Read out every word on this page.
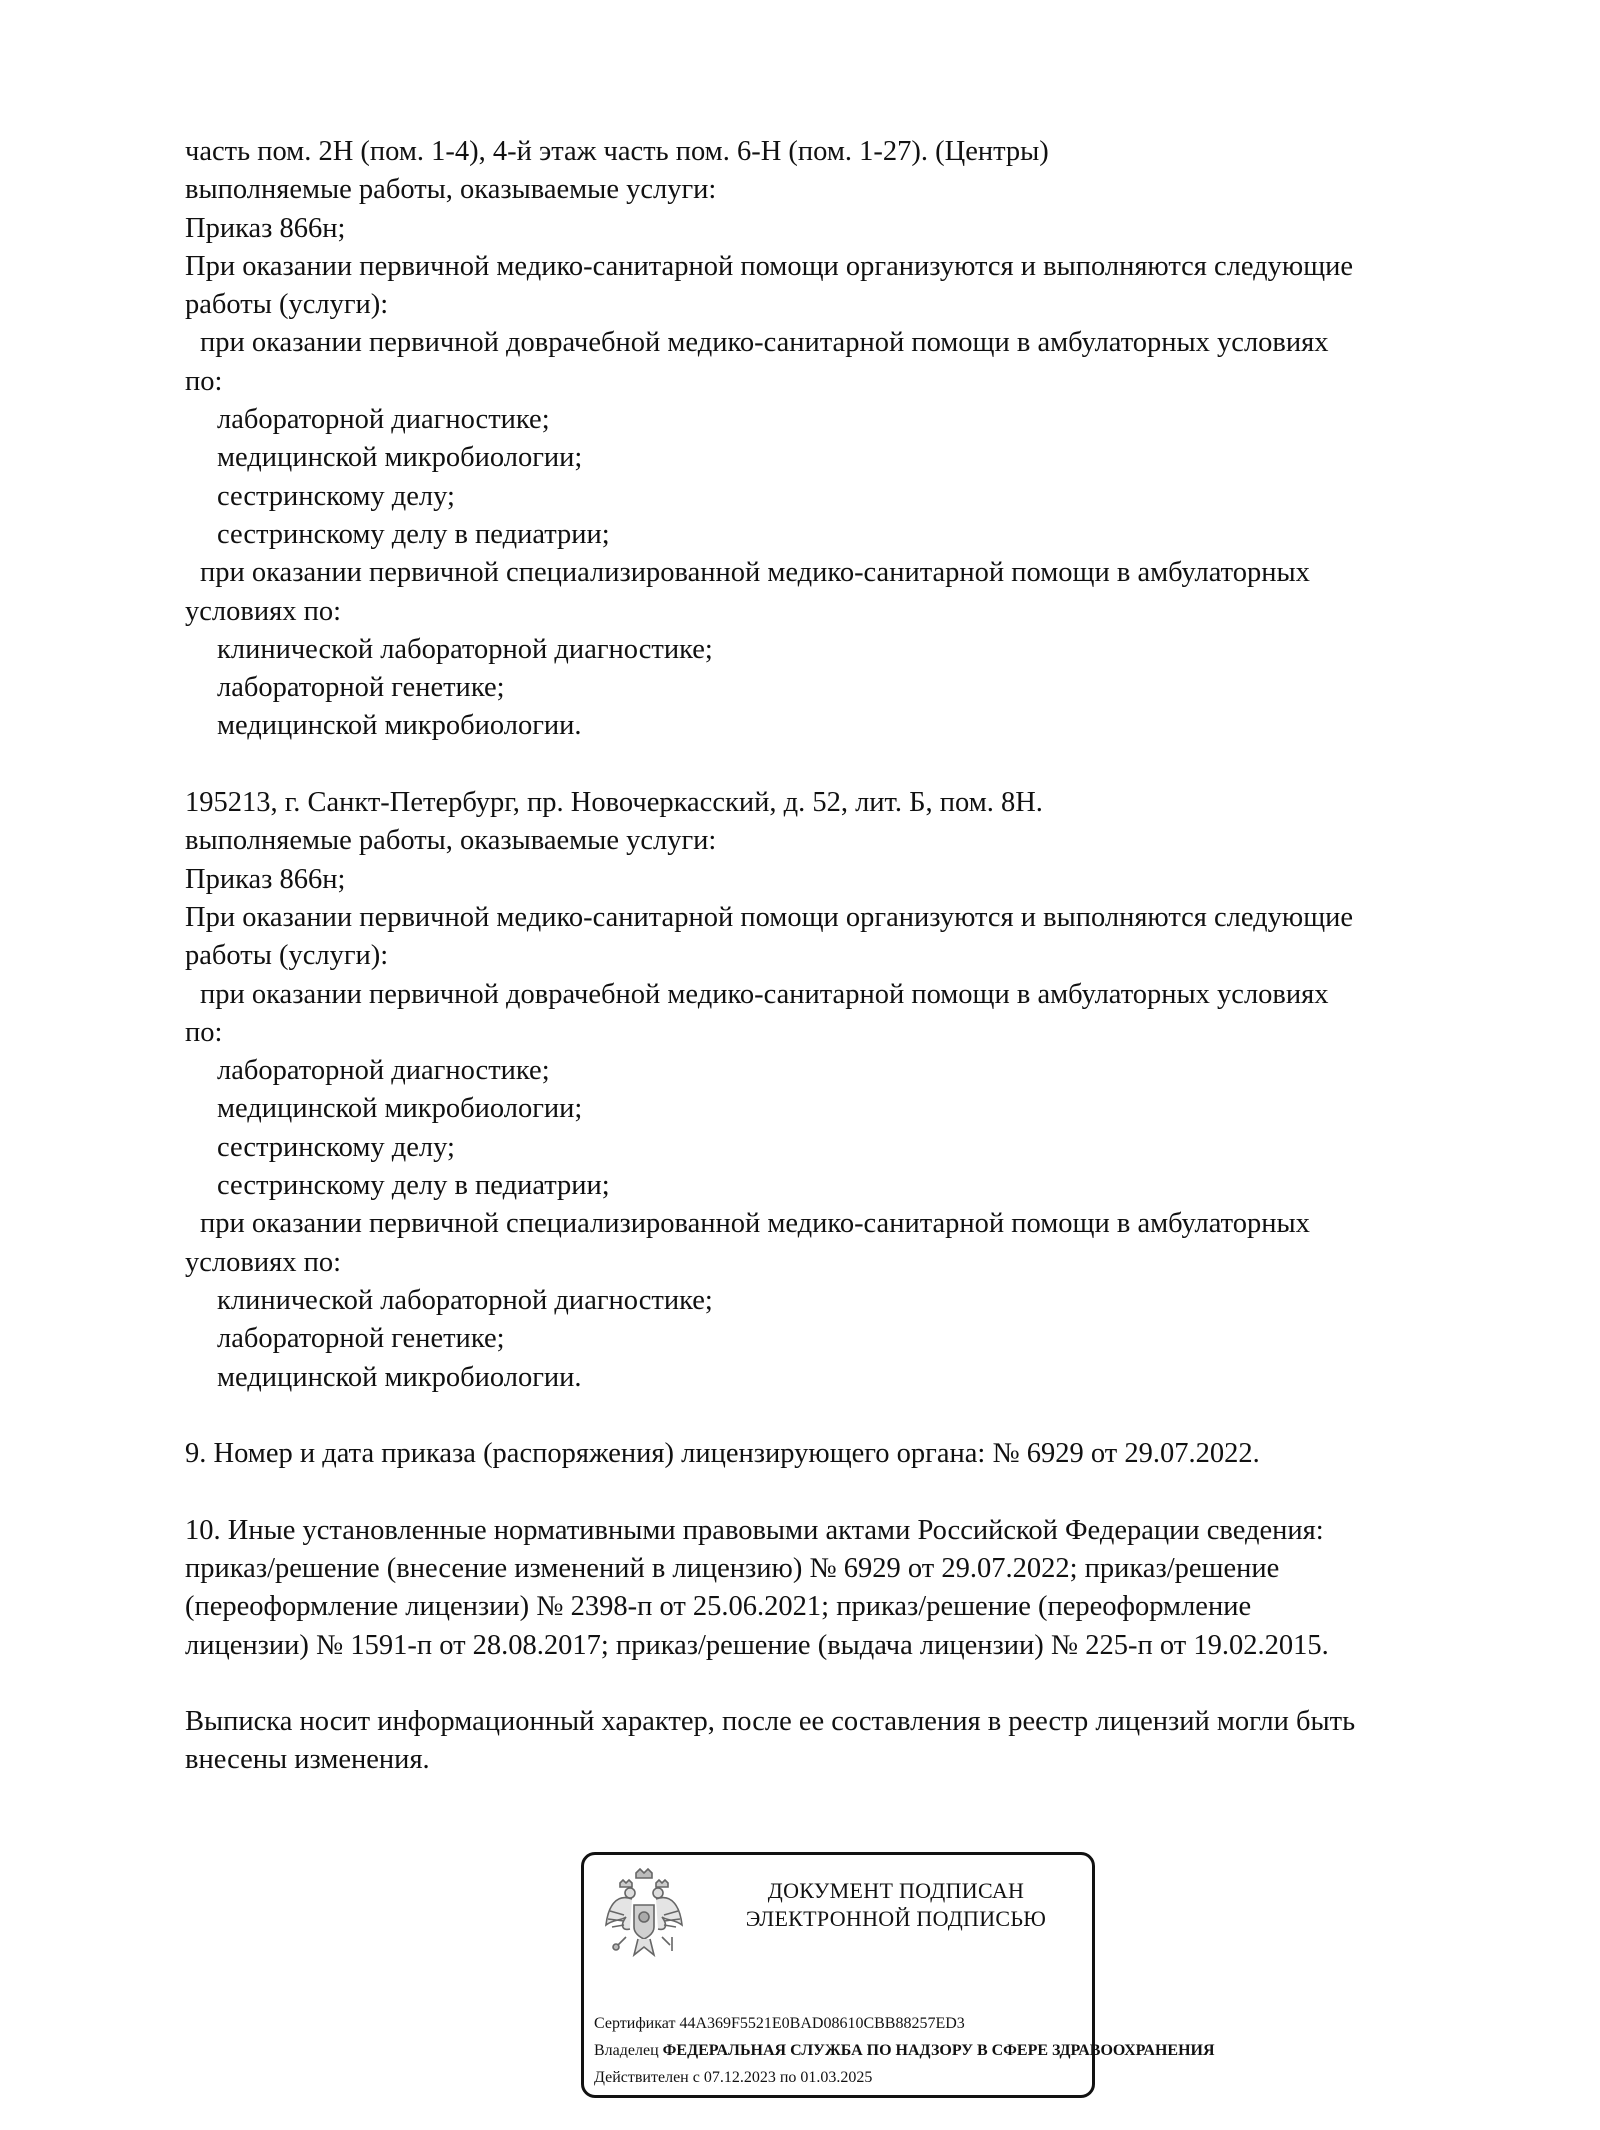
часть пом. 2Н (пом. 1-4), 4-й этаж часть пом. 6-Н (пом. 1-27). (Центры)
выполняемые работы, оказываемые услуги:
Приказ 866н;
При оказании первичной медико-санитарной помощи организуются и выполняются следующие
работы (услуги):
при оказании первичной доврачебной медико-санитарной помощи в амбулаторных условиях
по:
лабораторной диагностике;
медицинской микробиологии;
сестринскому делу;
сестринскому делу в педиатрии;
при оказании первичной специализированной медико-санитарной помощи в амбулаторных
условиях по:
клинической лабораторной диагностике;
лабораторной генетике;
медицинской микробиологии.
195213, г. Санкт-Петербург, пр. Новочеркасский, д. 52, лит. Б, пом. 8Н.
выполняемые работы, оказываемые услуги:
Приказ 866н;
При оказании первичной медико-санитарной помощи организуются и выполняются следующие
работы (услуги):
при оказании первичной доврачебной медико-санитарной помощи в амбулаторных условиях
по:
лабораторной диагностике;
медицинской микробиологии;
сестринскому делу;
сестринскому делу в педиатрии;
при оказании первичной специализированной медико-санитарной помощи в амбулаторных
условиях по:
клинической лабораторной диагностике;
лабораторной генетике;
медицинской микробиологии.
9. Номер и дата приказа (распоряжения) лицензирующего органа: № 6929 от 29.07.2022.
10. Иные установленные нормативными правовыми актами Российской Федерации сведения:
приказ/решение (внесение изменений в лицензию) № 6929 от 29.07.2022; приказ/решение
(переоформление лицензии) № 2398-п от 25.06.2021; приказ/решение (переоформление
лицензии) № 1591-п от 28.08.2017; приказ/решение (выдача лицензии) № 225-п от 19.02.2015.
Выписка носит информационный характер, после ее составления в реестр лицензий могли быть
внесены изменения.
ДОКУМЕНТ ПОДПИСАН
ЭЛЕКТРОННОЙ ПОДПИСЬЮ
Сертификат 44A369F5521E0BAD08610CBB88257ED3
Владелец ФЕДЕРАЛЬНАЯ СЛУЖБА ПО НАДЗОРУ В СФЕРЕ ЗДРАВООХРАНЕНИЯ
Действителен с 07.12.2023 по 01.03.2025
